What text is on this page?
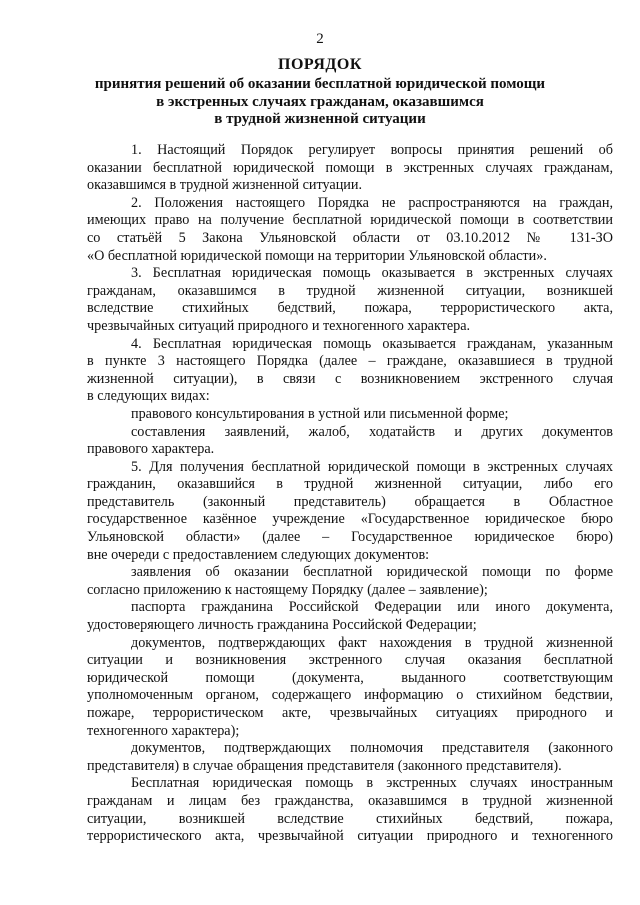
2
ПОРЯДОК
принятия решений об оказании бесплатной юридической помощи
в экстренных случаях гражданам, оказавшимся
в трудной жизненной ситуации
1. Настоящий Порядок регулирует вопросы принятия решений об
оказании бесплатной юридической помощи в экстренных случаях гражданам,
оказавшимся в трудной жизненной ситуации.
2. Положения настоящего Порядка не распространяются на граждан,
имеющих право на получение бесплатной юридической помощи в соответствии
со статьёй 5 Закона Ульяновской области от 03.10.2012 № 131-ЗО
«О бесплатной юридической помощи на территории Ульяновской области».
3. Бесплатная юридическая помощь оказывается в экстренных случаях
гражданам, оказавшимся в трудной жизненной ситуации, возникшей
вследствие стихийных бедствий, пожара, террористического акта,
чрезвычайных ситуаций природного и техногенного характера.
4. Бесплатная юридическая помощь оказывается гражданам, указанным
в пункте 3 настоящего Порядка (далее – граждане, оказавшиеся в трудной
жизненной ситуации), в связи с возникновением экстренного случая
в следующих видах:
правового консультирования в устной или письменной форме;
составления заявлений, жалоб, ходатайств и других документов
правового характера.
5. Для получения бесплатной юридической помощи в экстренных случаях
гражданин, оказавшийся в трудной жизненной ситуации, либо его
представитель (законный представитель) обращается в Областное
государственное казённое учреждение «Государственное юридическое бюро
Ульяновской области» (далее – Государственное юридическое бюро)
вне очереди с предоставлением следующих документов:
заявления об оказании бесплатной юридической помощи по форме
согласно приложению к настоящему Порядку (далее – заявление);
паспорта гражданина Российской Федерации или иного документа,
удостоверяющего личность гражданина Российской Федерации;
документов, подтверждающих факт нахождения в трудной жизненной
ситуации и возникновения экстренного случая оказания бесплатной
юридической помощи (документа, выданного соответствующим
уполномоченным органом, содержащего информацию о стихийном бедствии,
пожаре, террористическом акте, чрезвычайных ситуациях природного и
техногенного характера);
документов, подтверждающих полномочия представителя (законного
представителя) в случае обращения представителя (законного представителя).
Бесплатная юридическая помощь в экстренных случаях иностранным
гражданам и лицам без гражданства, оказавшимся в трудной жизненной
ситуации, возникшей вследствие стихийных бедствий, пожара,
террористического акта, чрезвычайной ситуации природного и техногенного
